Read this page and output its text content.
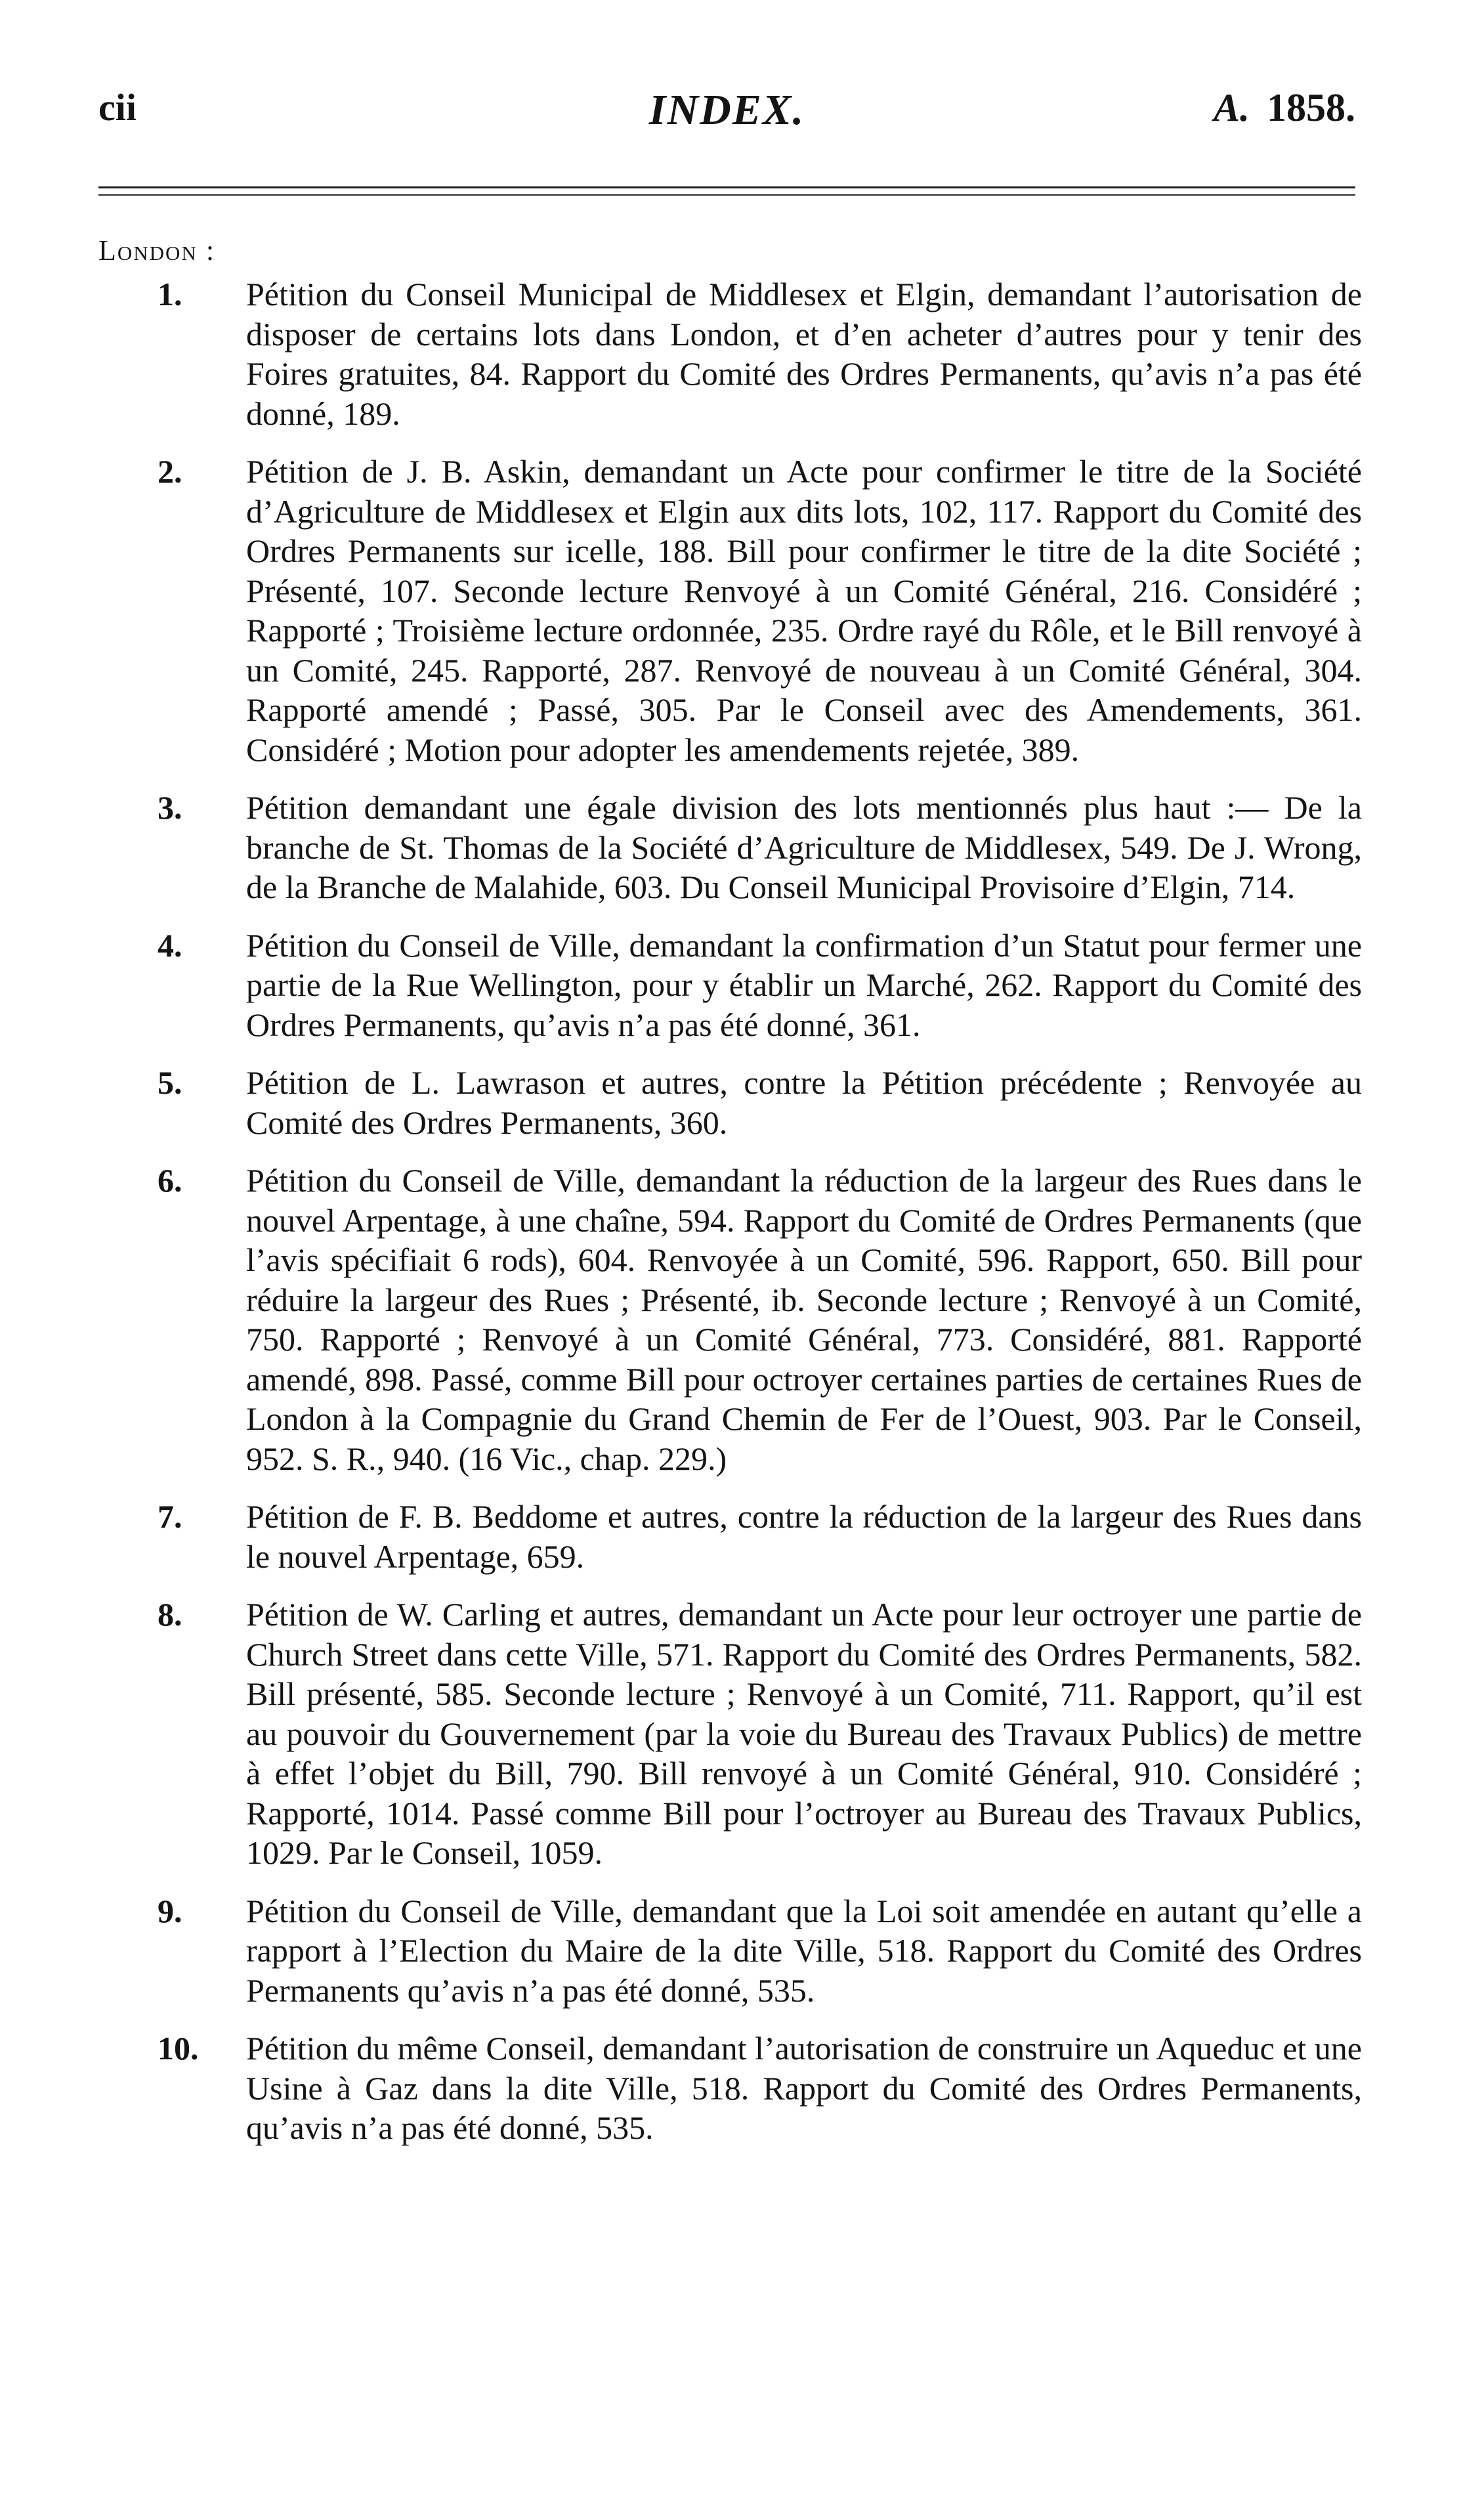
cii	INDEX.	A. 1858.
London :
1. Pétition du Conseil Municipal de Middlesex et Elgin, demandant l’autorisation de disposer de certains lots dans London, et d’en acheter d’autres pour y tenir des Foires gratuites, 84. Rapport du Comité des Ordres Permanents, qu’avis n’a pas été donné, 189.
2. Pétition de J. B. Askin, demandant un Acte pour confirmer le titre de la Société d’Agriculture de Middlesex et Elgin aux dits lots, 102, 117. Rapport du Comité des Ordres Permanents sur icelle, 188. Bill pour confirmer le titre de la dite Société ; Présenté, 107. Seconde lecture Renvoyé à un Comité Général, 216. Considéré ; Rapporté ; Troisième lecture ordonnée, 235. Ordre rayé du Rôle, et le Bill renvoyé à un Comité, 245. Rapporté, 287. Renvoyé de nouveau à un Comité Général, 304. Rapporté amendé ; Passé, 305. Par le Conseil avec des Amendements, 361. Considéré ; Motion pour adopter les amendements rejetée, 389.
3. Pétition demandant une égale division des lots mentionnés plus haut :— De la branche de St. Thomas de la Société d’Agriculture de Middlesex, 549. De J. Wrong, de la Branche de Malahide, 603. Du Conseil Municipal Provisoire d’Elgin, 714.
4. Pétition du Conseil de Ville, demandant la confirmation d’un Statut pour fermer une partie de la Rue Wellington, pour y établir un Marché, 262. Rapport du Comité des Ordres Permanents, qu’avis n’a pas été donné, 361.
5. Pétition de L. Lawrason et autres, contre la Pétition précédente ; Renvoyée au Comité des Ordres Permanents, 360.
6. Pétition du Conseil de Ville, demandant la réduction de la largeur des Rues dans le nouvel Arpentage, à une chaîne, 594. Rapport du Comité de Ordres Permanents (que l’avis spécifiait 6 rods), 604. Renvoyée à un Comité, 596. Rapport, 650. Bill pour réduire la largeur des Rues ; Présenté, ib. Seconde lecture ; Renvoyé à un Comité, 750. Rapporté ; Renvoyé à un Comité Général, 773. Considéré, 881. Rapporté amendé, 898. Passé, comme Bill pour octroyer certaines parties de certaines Rues de London à la Compagnie du Grand Chemin de Fer de l’Ouest, 903. Par le Conseil, 952. S. R., 940. (16 Vic., chap. 229.)
7. Pétition de F. B. Beddome et autres, contre la réduction de la largeur des Rues dans le nouvel Arpentage, 659.
8. Pétition de W. Carling et autres, demandant un Acte pour leur octroyer une partie de Church Street dans cette Ville, 571. Rapport du Comité des Ordres Permanents, 582. Bill présenté, 585. Seconde lecture ; Renvoyé à un Comité, 711. Rapport, qu’il est au pouvoir du Gouvernement (par la voie du Bureau des Travaux Publics) de mettre à effet l’objet du Bill, 790. Bill renvoyé à un Comité Général, 910. Considéré ; Rapporté, 1014. Passé comme Bill pour l’octroyer au Bureau des Travaux Publics, 1029. Par le Conseil, 1059.
9. Pétition du Conseil de Ville, demandant que la Loi soit amendée en autant qu’elle a rapport à l’Election du Maire de la dite Ville, 518. Rapport du Comité des Ordres Permanents qu’avis n’a pas été donné, 535.
10. Pétition du même Conseil, demandant l’autorisation de construire un Aqueduc et une Usine à Gaz dans la dite Ville, 518. Rapport du Comité des Ordres Permanents, qu’avis n’a pas été donné, 535.
